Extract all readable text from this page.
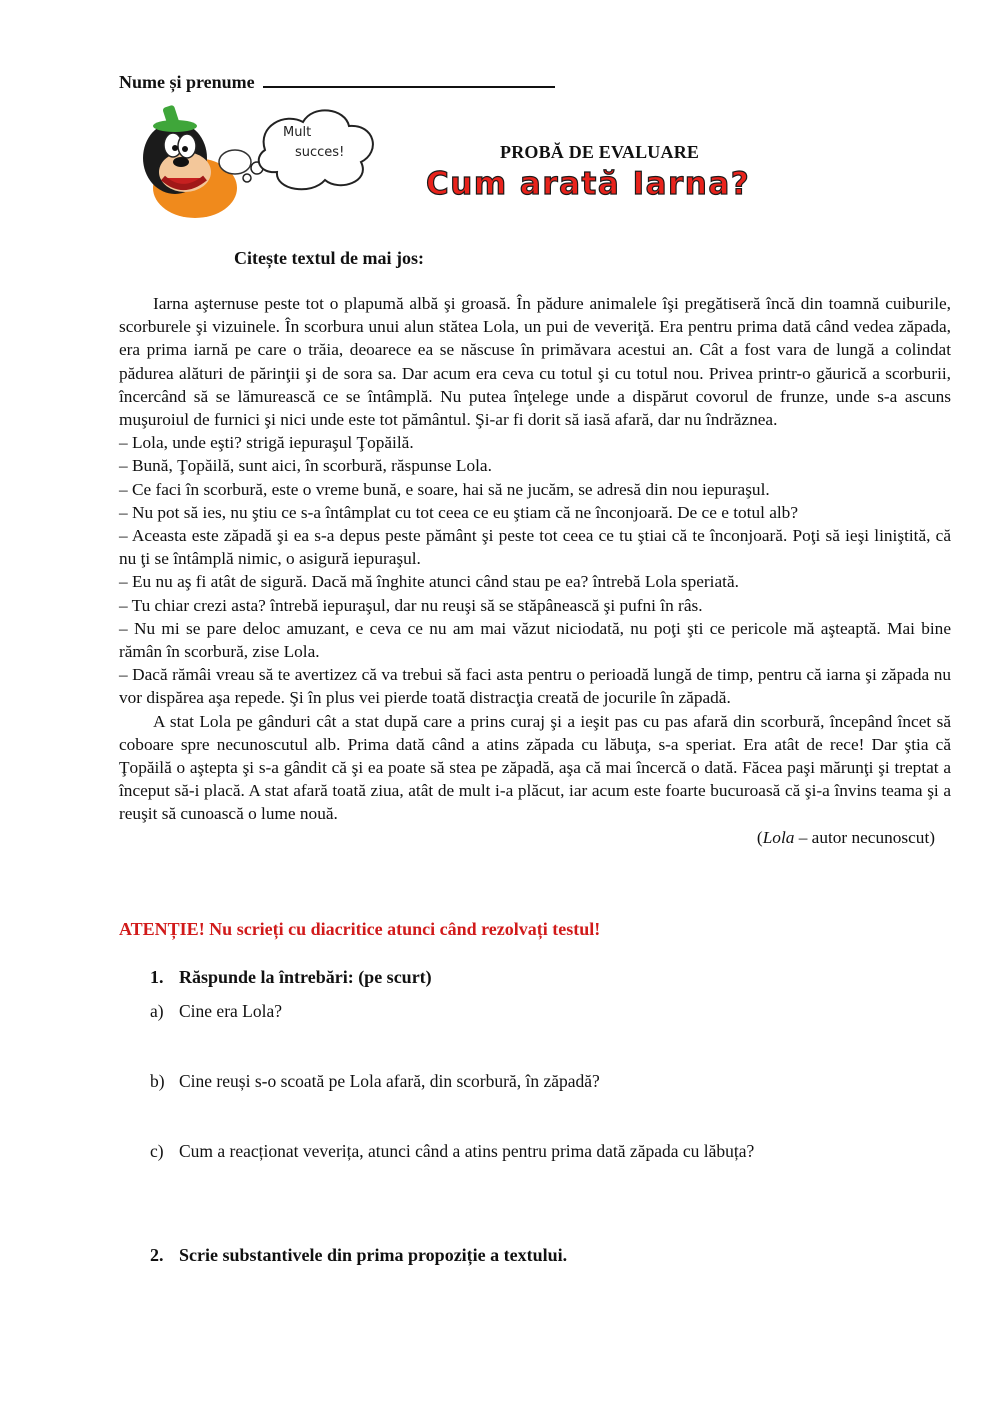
Nume și prenume
Mult
succes!	PROBĂ DE EVALUARE
Cum arată Iarna?
Citește textul de mai jos:

Iarna aşternuse peste tot o plapumă albă şi groasă. În pădure animalele îşi pregătiseră încă din toamnă cuiburile, scorburele şi vizuinele. În scorbura unui alun stătea Lola, un pui de veveriţă. Era pentru prima dată când vedea zăpada, era prima iarnă pe care o trăia, deoarece ea se născuse în primăvara acestui an. Cât a fost vara de lungă a colindat pădurea alături de părinţii şi de sora sa. Dar acum era ceva cu totul şi cu totul nou. Privea printr-o găurică a scorburii, încercând să se lămurească ce se întâmplă. Nu putea înţelege unde a dispărut covorul de frunze, unde s-a ascuns muşuroiul de furnici şi nici unde este tot pământul. Şi-ar fi dorit să iasă afară, dar nu îndrăznea.

– Lola, unde eşti? strigă iepuraşul Ţopăilă.

– Bună, Ţopăilă, sunt aici, în scorbură, răspunse Lola.

– Ce faci în scorbură, este o vreme bună, e soare, hai să ne jucăm, se adresă din nou iepuraşul.

– Nu pot să ies, nu ştiu ce s-a întâmplat cu tot ceea ce eu ştiam că ne înconjoară. De ce e totul alb?

– Aceasta este zăpadă şi ea s-a depus peste pământ şi peste tot ceea ce tu ştiai că te înconjoară. Poţi să ieşi liniştită, că nu ţi se întâmplă nimic, o asigură iepuraşul.

– Eu nu aş fi atât de sigură. Dacă mă înghite atunci când stau pe ea? întrebă Lola speriată.

– Tu chiar crezi asta? întrebă iepuraşul, dar nu reuşi să se stăpânească şi pufni în râs.

– Nu mi se pare deloc amuzant, e ceva ce nu am mai văzut niciodată, nu poţi şti ce pericole mă aşteaptă. Mai bine rămân în scorbură, zise Lola.

– Dacă rămâi vreau să te avertizez că va trebui să faci asta pentru o perioadă lungă de timp, pentru că iarna şi zăpada nu vor dispărea aşa repede. Şi în plus vei pierde toată distracţia creată de jocurile în zăpadă.

A stat Lola pe gânduri cât a stat după care a prins curaj şi a ieşit pas cu pas afară din scorbură, începând încet să coboare spre necunoscutul alb. Prima dată când a atins zăpada cu lăbuţa, s-a speriat. Era atât de rece! Dar ştia că Ţopăilă o aştepta şi s-a gândit că şi ea poate să stea pe zăpadă, aşa că mai încercă o dată. Făcea paşi mărunţi şi treptat a început să-i placă. A stat afară toată ziua, atât de mult i-a plăcut, iar acum este foarte bucuroasă că şi-a învins teama şi a reuşit să cunoască o lume nouă.

(Lola – autor necunoscut)

ATENȚIE! Nu scrieți cu diacritice atunci când rezolvați testul!
1. Răspunde la întrebări: (pe scurt)
a) Cine era Lola?
b) Cine reuși s-o scoată pe Lola afară, din scorbură, în zăpadă?
c) Cum a reacționat veverița, atunci când a atins pentru prima dată zăpada cu lăbuța?
2. Scrie substantivele din prima propoziție a textului.
